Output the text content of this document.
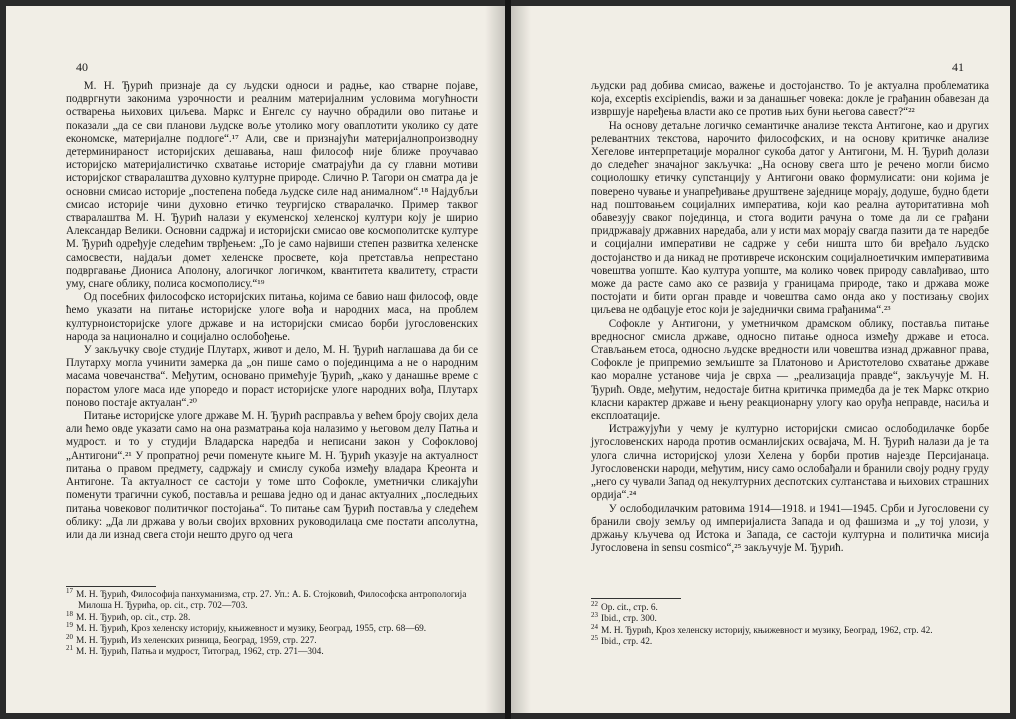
40

М. Н. Ђурић признаје да су људски односи и радње, као стварне појаве, подвргнути законима узрочности и реалним материјалним условима могућности остварења њихових циљева. Маркс и Енгелс су научно обрадили ово питање и показали „да се сви планови људске воље утолико могу оваплотити уколико су дате економске, материјалне подлоге“.¹⁷ Али, све и признајући материјалнопроизводну детерминираност историјских дешавања, наш философ није ближе проучавао историјско материјалистичко схватање историје сматрајући да су главни мотиви историјског стваралаштва духовно културне природе. Слично Р. Тагори он сматра да је основни смисао историје „постепена победа људске силе над анималном“.¹⁸ Најдубљи смисао историје чини духовно етичко теургијско стваралачко. Пример таквог стваралаштва М. Н. Ђурић налази у екуменској хеленској култури коју је ширио Александар Велики. Основни садржај и историјски смисао ове космополитске културе М. Ђурић одређује следећим тврђењем: „То је само највиши степен развитка хеленске самосвести, најдаљи домет хеленске просвете, која претставља непрестано подвргавање Диониса Аполону, алогичког логичком, квантитета квалитету, страсти уму, снаге облику, полиса космополису.“¹⁹

Од посебних философско историјских питања, којима се бавио наш философ, овде ћемо указати на питање историјске улоге вођа и народних маса, на проблем културноисторијске улоге државе и на историјски смисао борби југословенских народа за национално и социјално ослобођење.

У закључку своје студије Плутарх, живот и дело, М. Н. Ђурић наглашава да би се Плутарху могла учинити замерка да „он пише само о појединцима а не о народним масама човечанства“. Међутим, основано примећује Ђурић, „како у данашње време с порастом улоге маса иде упоредо и пораст историјске улоге народних вођа, Плутарх поново постаје актуалан“.²⁰

Питање историјске улоге државе М. Н. Ђурић расправља у већем броју својих дела али ћемо овде указати само на она размaтрања која налазимо у његовом делу Патња и мудрост. и то у студији Владарска наредба и неписани закон у Софокловој „Антигони“.²¹ У пропратној речи поменуте књиге М. Н. Ђурић указује на актуалност питања о правом предмету, садржају и смислу сукоба између владара Креонта и Антигоне. Та актуалност се састоји у томе што Софокле, уметнички сликајући поменути трагични сукоб, поставља и решава једно од и данас актуалних „последњих питања човековог политичког постојања“. То питање сам Ђурић поставља у следећем облику: „Да ли држава у вољи својих врховних руководилаца сме постати апсолутна, или да ли изнад свега стоји нешто друго од чега

$^{17}$ М. Н. Ђурић, Философија панхуманизма, стр. 27. Уп.: А. Б. Стојковић, Философска антропологија Милоша Н. Ђурића, op. cit., стр. 702—703.
$^{18}$ М. Н. Ђурић, op. cit., стр. 28.
$^{19}$ М. Н. Ђурић, Кроз хеленску историју, књижевност и музику, Београд, 1955, стр. 68—69.
$^{20}$ М. Н. Ђурић, Из хеленских ризница, Београд, 1959, стр. 227.
$^{21}$ М. Н. Ђурић, Патња и мудрост, Титоград, 1962, стр. 271—304.
41

људски рад добива смисао, важење и достојанство. То је актуална проблематика која, exceptis excipiendis, важи и за данашњег човека: докле је грађанин обавезан да извршује наређења власти ако се против њих буни његова савест?“²²

На основу детаљне логичко семантичке анализе текста Антигоне, као и других релевантних текстова, нарочито философских, и на основу критичке анализе Хегелове интерпретације моралног сукоба датог у Антигони, М. Н. Ђурић долази до следећег значајног закључка: „На основу свега што је речено могли бисмо социолошку етичку супстанцију у Антигони овако формулисати: они којима је поверено чување и унапређивање друштвене заједнице морају, додуше, будно бдети над поштовањем социјалних императива, који као реална ауторитативна моћ обавезују сваког појединца, и стога водити рачуна о томе да ли се грађани придржавају државних наредаба, али у исти мах морају свагда пазити да те наредбе и социјални императиви не садрже у себи ништа што би вређало људско достојанство и да никад не противрече исконским социјалноетичким императивима човештва уопште. Као култура уопште, ма колико човек природу савлађивао, што може да расте само ако се развија у границама природе, тако и држава може постојати и бити орган правде и човештва само онда ако у постизању својих циљева не одбацује етос који је заједнички свима грађанима“.²³

Софокле у Антигони, у уметничком драмском облику, поставља питање вредносног смисла државе, односно питање односа између државе и етоса. Стављањем етоса, односно људске вредности или човештва изнад државног права, Софокле је припремио земљиште за Платоново и Аристотелово схватање државе као моралне установе чија је сврха — „реализација правде“, закључује М. Н. Ђурић. Овде, међутим, недостаје битна критичка примедба да је тек Маркс открио класни карактер државе и њену реакционарну улогу као оруђа неправде, насиља и експлоатације.

Истражујући у чему је културно историјски смисао ослободилачке борбе југословенских народа против османлијских освајача, М. Н. Ђурић налази да је та улога слична историјској улози Хелена у борби против најезде Персијанаца. Југословенски народи, међутим, нису само ослобађали и бранили своју родну груду „него су чували Запад од некултурних деспотских султанстава и њихових страшних ордија“.²⁴

У ослободилачким ратовима 1914—1918. и 1941—1945. Срби и Југословени су бранили своју земљу од империјалиста Запада и од фашизма и „у тој улози, у држању кључева од Истока и Запада, се састоји културна и политичка мисија Југословена in sensu cosmico“,²⁵ закључује М. Ђурић.

$^{22}$ Op. cit., стр. 6.
$^{23}$ Ibid., стр. 300.
$^{24}$ М. Н. Ђурић, Кроз хеленску историју, књижевност и музику, Београд, 1962, стр. 42.
$^{25}$ Ibid., стр. 42.
